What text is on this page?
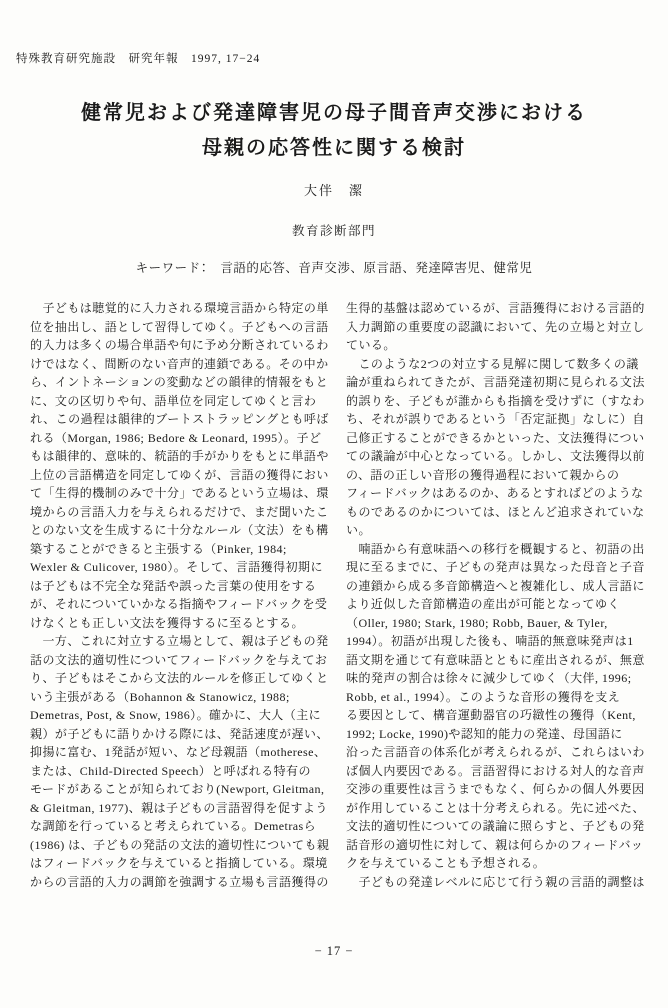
特殊教育研究施設　研究年報　1997, 17−24
健常児および発達障害児の母子間音声交渉における
母親の応答性に関する検討
大伴　潔
教育診断部門
キーワード：　言語的応答、音声交渉、原言語、発達障害児、健常児
　子どもは聴覚的に入力される環境言語から特定の単
位を抽出し、語として習得してゆく。子どもへの言語
的入力は多くの場合単語や句に予め分断されているわ
けではなく、間断のない音声的連鎖である。その中か
ら、イントネーションの変動などの韻律的情報をもと
に、文の区切りや句、語単位を同定してゆくと言わ
れ、この過程は韻律的ブートストラッピングとも呼ば
れる（Morgan, 1986; Bedore & Leonard, 1995）。子ど
もは韻律的、意味的、統語的手がかりをもとに単語や
上位の言語構造を同定してゆくが、言語の獲得におい
て「生得的機制のみで十分」であるという立場は、環
境からの言語入力を与えられるだけで、まだ聞いたこ
とのない文を生成するに十分なルール（文法）をも構
築することができると主張する（Pinker, 1984;
Wexler & Culicover, 1980）。そして、言語獲得初期に
は子どもは不完全な発話や誤った言葉の使用をする
が、それについていかなる指摘やフィードバックを受
けなくとも正しい文法を獲得するに至るとする。
　一方、これに対立する立場として、親は子どもの発
話の文法的適切性についてフィードバックを与えてお
り、子どもはそこから文法的ルールを修正してゆくと
いう主張がある（Bohannon & Stanowicz, 1988;
Demetras, Post, & Snow, 1986）。確かに、大人（主に
親）が子どもに語りかける際には、発話速度が遅い、
抑揚に富む、1発話が短い、など母親語（motherese、
または、Child-Directed Speech）と呼ばれる特有の
モードがあることが知られており(Newport, Gleitman,
& Gleitman, 1977)、親は子どもの言語習得を促すよう
な調節を行っていると考えられている。Demetrasら
(1986) は、子どもの発話の文法的適切性についても親
はフィードバックを与えていると指摘している。環境
からの言語的入力の調節を強調する立場も言語獲得の
生得的基盤は認めているが、言語獲得における言語的
入力調節の重要度の認識において、先の立場と対立し
ている。
　このような2つの対立する見解に関して数多くの議
論が重ねられてきたが、言語発達初期に見られる文法
的誤りを、子どもが誰からも指摘を受けずに（すなわ
ち、それが誤りであるという「否定証拠」なしに）自
己修正することができるかといった、文法獲得につい
ての議論が中心となっている。しかし、文法獲得以前
の、語の正しい音形の獲得過程において親からの
フィードバックはあるのか、あるとすればどのような
ものであるのかについては、ほとんど追求されていな
い。
　喃語から有意味語への移行を概観すると、初語の出
現に至るまでに、子どもの発声は異なった母音と子音
の連鎖から成る多音節構造へと複雑化し、成人言語に
より近似した音節構造の産出が可能となってゆく
（Oller, 1980; Stark, 1980; Robb, Bauer, & Tyler,
1994）。初語が出現した後も、喃語的無意味発声は1
語文期を通じて有意味語とともに産出されるが、無意
味的発声の割合は徐々に減少してゆく（大伴, 1996;
Robb, et al., 1994）。このような音形の獲得を支え
る要因として、構音運動器官の巧緻性の獲得（Kent,
1992; Locke, 1990)や認知的能力の発達、母国語に
沿った言語音の体系化が考えられるが、これらはいわ
ば個人内要因である。言語習得における対人的な音声
交渉の重要性は言うまでもなく、何らかの個人外要因
が作用していることは十分考えられる。先に述べた、
文法的適切性についての議論に照らすと、子どもの発
話音形の適切性に対して、親は何らかのフィードバッ
クを与えていることも予想される。
　子どもの発達レベルに応じて行う親の言語的調整は
− 17 −
